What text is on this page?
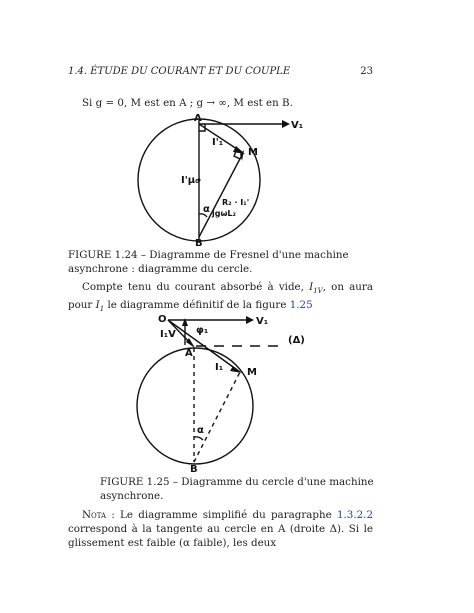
1.4. ÉTUDE DU COURANT ET DU COUPLE	23
Si g = 0, M est en A ; g → ∞, M est en B.
A
B
M
V₁
I'₁
I'μ₀
α
R₂ · I₁'
jgωL₂
FIGURE 1.24 – Diagramme de Fresnel d'une machine asynchrone : diagramme du cercle.
Compte tenu du courant absorbé à vide, $I_{1V}$, on aura pour $I_1$ le diagramme définitif de la figure 1.25
O	V₁
φ₁
I₁V
A
(Δ)
I₁ M
α
B
FIGURE 1.25 – Diagramme du cercle d'une machine asynchrone.
Nota : Le diagramme simplifié du paragraphe 1.3.2.2 correspond à la tangente au cercle en A (droite Δ). Si le glissement est faible (α faible), les deux
